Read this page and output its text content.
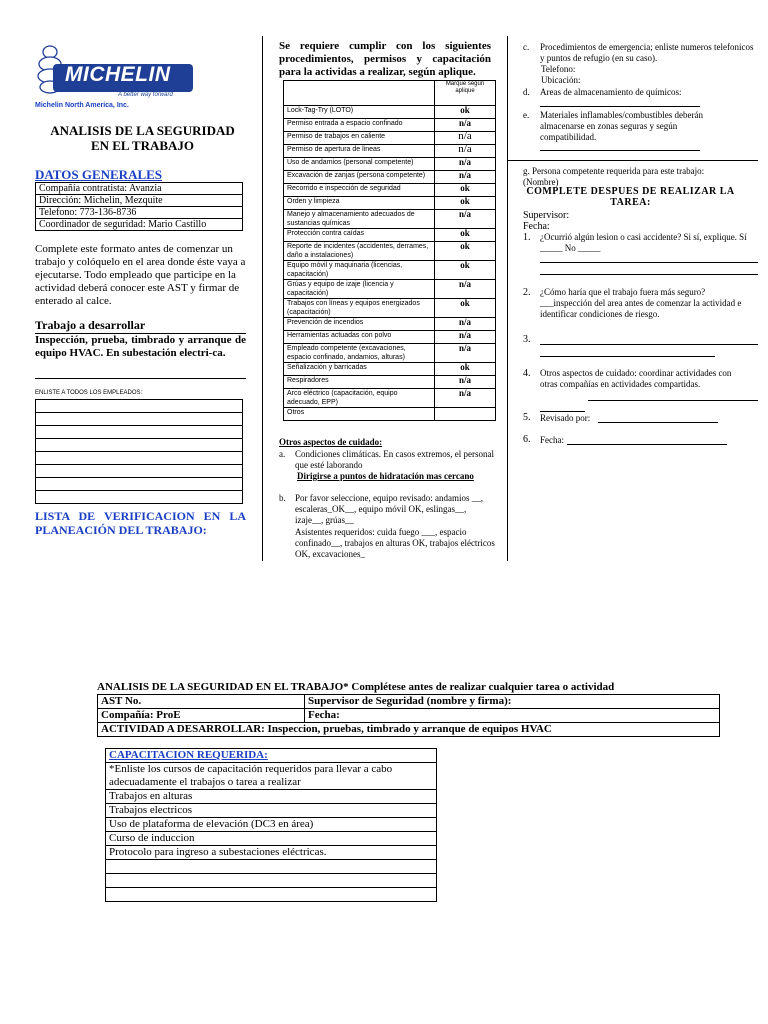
MICHELIN
A better way forward
Michelin North America, Inc.
ANALISIS DE LA SEGURIDAD
EN EL TRABAJO
DATOS GENERALES
Compañía contratista: Avanzia
Dirección: Michelin, Mezquite
Telefono: 773-136-8736
Coordinador de seguridad: Mario Castillo
Complete este formato antes de comenzar un trabajo y colóquelo en el area donde éste vaya a ejecutarse. Todo empleado que participe en la actividad deberá conocer este AST y firmar de enterado al calce.
Trabajo a desarrollar
Inspección, prueba, timbrado y arranque de equipo HVAC. En subestación electri-ca.
ENLISTE A TODOS LOS EMPLEADOS:

LISTA DE VERIFICACION EN LA PLANEACIÓN DEL TRABAJO:
Se requiere cumplir con los siguientes procedimientos, permisos y capacitación para la actividas a realizar, según aplique.
	Marque según aplique
Lock-Tag-Try (LOTO)	ok
Permiso entrada a espacio confinado	n/a
Permiso de trabajos en caliente	n/a
Permiso de apertura de lineas	n/a
Uso de andamios (personal competente)	n/a
Excavación de zanjas (persona competente)	n/a
Recorrido e inspección de seguridad	ok
Orden y limpieza	ok
Manejo y almacenamiento adecuados de sustancias químicas	n/a
Protección contra caídas	ok
Reporte de incidentes (accidentes, derrames, daño a instalaciones)	ok
Equipo móvil y maquinaria (licencias, capacitación)	ok
Grúas y equipo de izaje (licencia y capacitación)	n/a
Trabajos con líneas y equipos energizados (capacitación)	ok
Prevención de incendios	n/a
Herramientas actuadas con polvo	n/a
Empleado competente (excavaciones, espacio confinado, andamios, alturas)	n/a
Señalización y barricadas	ok
Respiradores	n/a
Arco eléctrico (capacitación, equipo adecuado, EPP)	n/a
Otros	
Otros aspectos de cuidado:
a.	Condiciones climáticas. En casos extremos, el personal que esté laborando
Dirigirse a puntos de hidratación mas cercano
b.	Por favor seleccione, equipo revisado: andamios __, escaleras_OK__, equipo móvil OK, eslingas__, izaje__, grúas__
Asistentes requeridos: cuida fuego ___, espacio confinado__, trabajos en alturas OK, trabajos eléctricos OK, excavaciones_
c. Procedimientos de emergencia; enliste numeros telefonicos y puntos de refugio (en su caso).
Telefono:
Ubicación:
d. Areas de almacenamiento de químicos:
e. Materiales inflamables/combustibles deberán almacenarse en zonas seguras y según compatibilidad.
g. Persona competente requerida para este trabajo: (Nombre)
COMPLETE DESPUES DE REALIZAR LA TAREA:
Supervisor:
Fecha:
1. ¿Ocurrió algún lesion o casi accidente? Si sí, explique. Sí _____ No _____
2. ¿Cómo haría que el trabajo fuera más seguro? ___inspección del area antes de comenzar la actividad e identificar condiciones de riesgo.
3.
4. Otros aspectos de cuidado: coordinar actividades con otras compañías en actividades compartidas.
5. Revisado por:
6. Fecha:
ANALISIS DE LA SEGURIDAD EN EL TRABAJO* Complétese antes de realizar cualquier tarea o actividad
AST No.	Supervisor de Seguridad (nombre y firma):
Compañía: ProE	Fecha:
ACTIVIDAD A DESARROLLAR: Inspeccion, pruebas, timbrado y arranque de equipos HVAC	
CAPACITACION REQUERIDA:
*Enliste los cursos de capacitación requeridos para llevar a cabo adecuadamente el trabajos o tarea a realizar
Trabajos en alturas
Trabajos electricos
Uso de plataforma de elevación (DC3 en área)
Curso de induccion
Protocolo para ingreso a subestaciones eléctricas.
